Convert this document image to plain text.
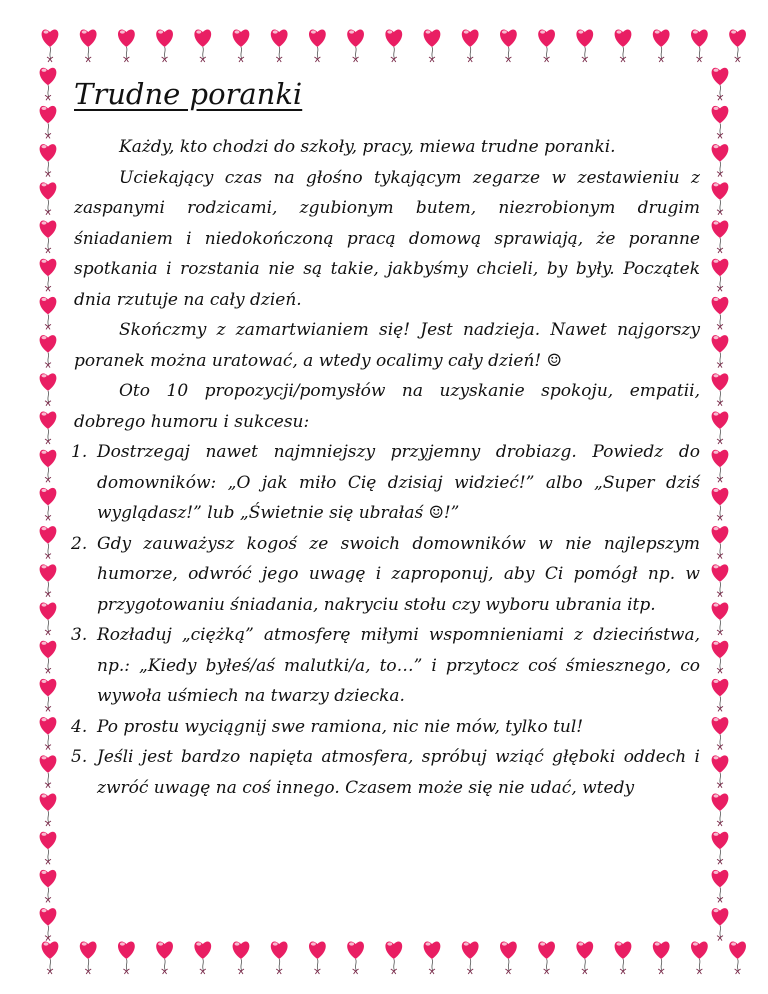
Trudne poranki

Każdy, kto chodzi do szkoły, pracy, miewa trudne poranki.

Uciekający czas na głośno tykającym zegarze w zestawieniu z zaspanymi rodzicami, zgubionym butem, niezrobionym drugim śniadaniem i niedokończoną pracą domową sprawiają, że poranne spotkania i rozstania nie są takie, jakbyśmy chcieli, by były. Początek dnia rzutuje na cały dzień.

Skończmy z zamartwianiem się! Jest nadzieja. Nawet najgorszy poranek można uratować, a wtedy ocalimy cały dzień! ☺

Oto 10 propozycji/pomysłów na uzyskanie spokoju, empatii, dobrego humoru i sukcesu:

1. Dostrzegaj nawet najmniejszy przyjemny drobiazg. Powiedz do domowników: „O jak miło Cię dzisiaj widzieć!” albo „Super dziś wyglądasz!” lub „Świetnie się ubrałaś ☺!”
2. Gdy zauważysz kogoś ze swoich domowników w nie najlepszym humorze, odwróć jego uwagę i zaproponuj, aby Ci pomógł np. w przygotowaniu śniadania, nakryciu stołu czy wyboru ubrania itp.
3. Rozładuj „ciężką” atmosferę miłymi wspomnieniami z dzieciństwa, np.: „Kiedy byłeś/aś malutki/a, to…” i przytocz coś śmiesznego, co wywoła uśmiech na twarzy dziecka.
4. Po prostu wyciągnij swe ramiona, nic nie mów, tylko tul!
5. Jeśli jest bardzo napięta atmosfera, spróbuj wziąć głęboki oddech i zwróć uwagę na coś innego. Czasem może się nie udać, wtedy
